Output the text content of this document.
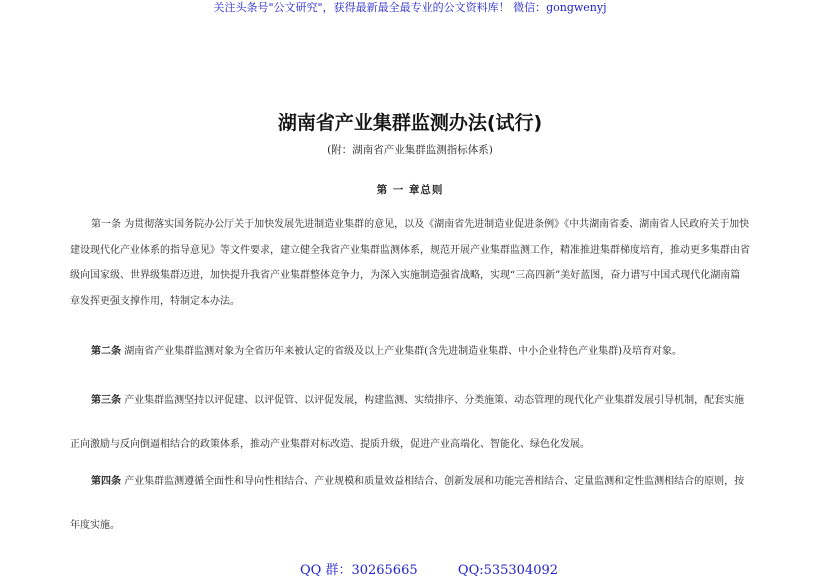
关注头条号"公文研究"，获得最新最全最专业的公文资料库！ 微信：gongwenyj
湖南省产业集群监测办法(试行)
(附：湖南省产业集群监测指标体系)
第 一 章总则
第一条 为贯彻落实国务院办公厅关于加快发展先进制造业集群的意见，以及《湖南省先进制造业促进条例》《中共湖南省委、湖南省人民政府关于加快建设现代化产业体系的指导意见》等文件要求，建立健全我省产业集群监测体系，规范开展产业集群监测工作，精准推进集群梯度培育，推动更多集群由省级向国家级、世界级集群迈进，加快提升我省产业集群整体竞争力，为深入实施制造强省战略，实现“三高四新”美好蓝图，奋力谱写中国式现代化湖南篇章发挥更强支撑作用，特制定本办法。
第二条 湖南省产业集群监测对象为全省历年来被认定的省级及以上产业集群(含先进制造业集群、中小企业特色产业集群)及培育对象。
第三条 产业集群监测坚持以评促建、以评促管、以评促发展，构建监测、实绩排序、分类施策、动态管理的现代化产业集群发展引导机制，配套实施正向激励与反向倒逼相结合的政策体系，推动产业集群对标改造、提质升级，促进产业高端化、智能化、绿色化发展。
第四条 产业集群监测遵循全面性和导向性相结合、产业规模和质量效益相结合、创新发展和功能完善相结合、定量监测和定性监测相结合的原则，按年度实施。
QQ 群：30265665	QQ:535304092
